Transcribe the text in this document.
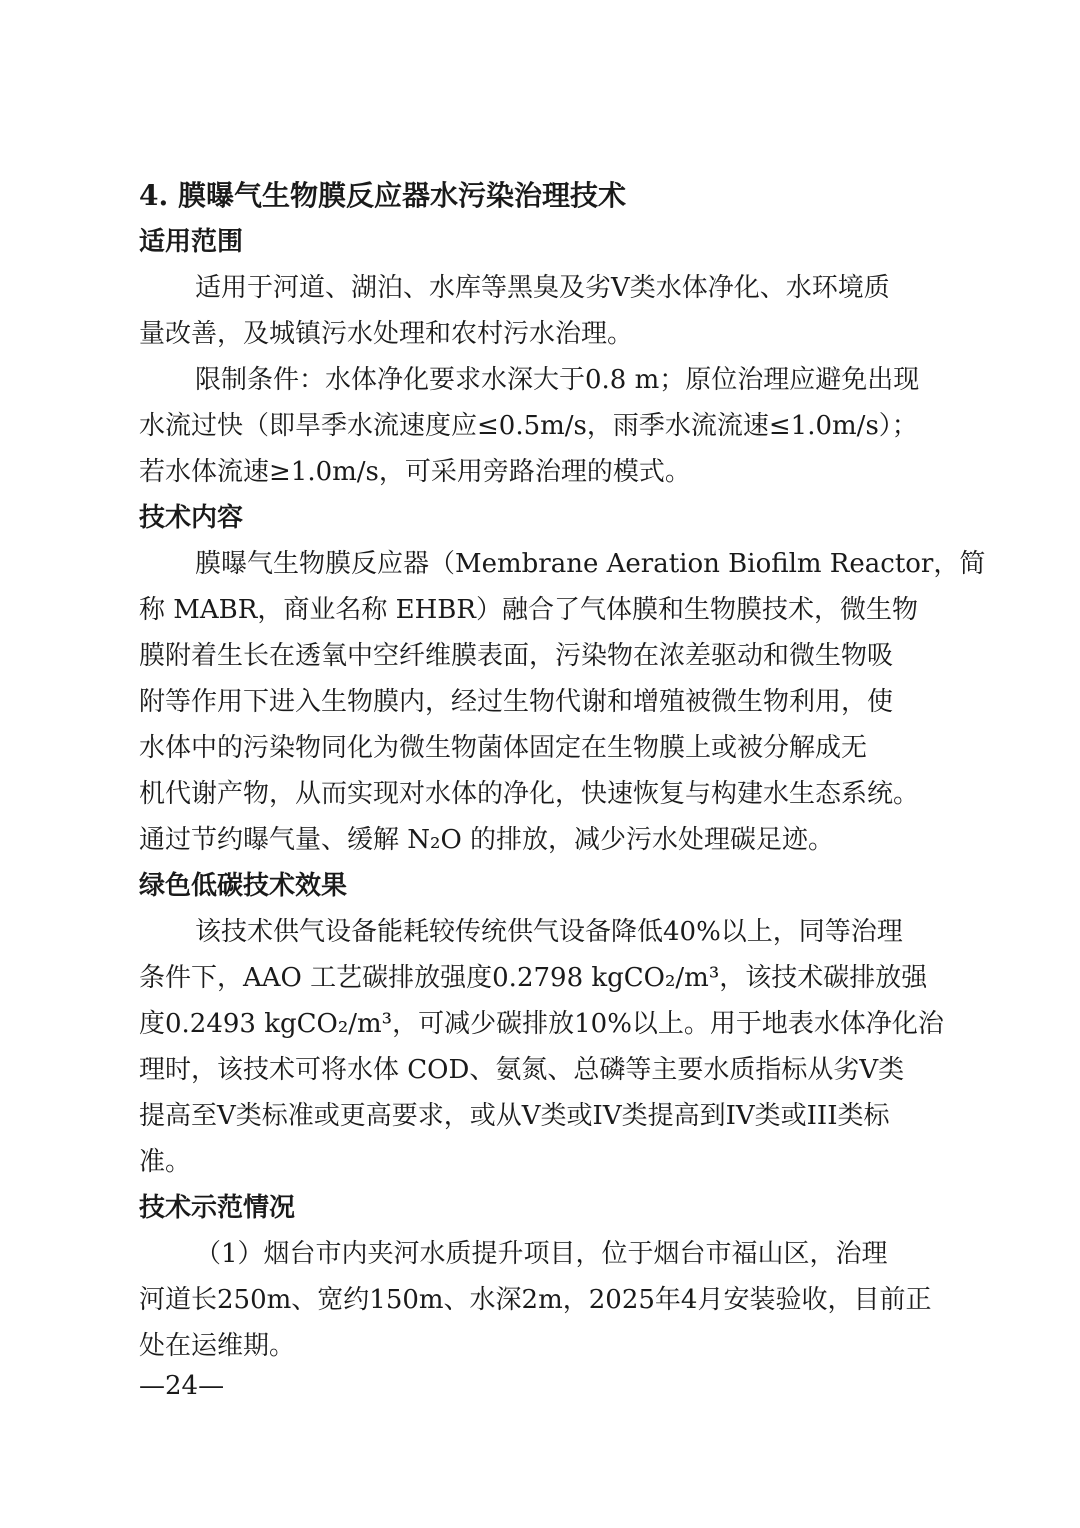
4. 膜曝气生物膜反应器水污染治理技术
适用范围
适用于河道、湖泊、水库等黑臭及劣V类水体净化、水环境质
量改善，及城镇污水处理和农村污水治理。
限制条件：水体净化要求水深大于0.8 m；原位治理应避免出现
水流过快（即旱季水流速度应≤0.5m/s，雨季水流流速≤1.0m/s）；
若水体流速≥1.0m/s，可采用旁路治理的模式。
技术内容
膜曝气生物膜反应器（Membrane Aeration Biofilm Reactor，简
称 MABR，商业名称 EHBR）融合了气体膜和生物膜技术，微生物
膜附着生长在透氧中空纤维膜表面，污染物在浓差驱动和微生物吸
附等作用下进入生物膜内，经过生物代谢和增殖被微生物利用，使
水体中的污染物同化为微生物菌体固定在生物膜上或被分解成无
机代谢产物，从而实现对水体的净化，快速恢复与构建水生态系统。
通过节约曝气量、缓解 N₂O 的排放，减少污水处理碳足迹。
绿色低碳技术效果
该技术供气设备能耗较传统供气设备降低40%以上，同等治理
条件下，AAO 工艺碳排放强度0.2798 kgCO₂/m³，该技术碳排放强
度0.2493 kgCO₂/m³，可减少碳排放10%以上。用于地表水体净化治
理时，该技术可将水体 COD、氨氮、总磷等主要水质指标从劣V类
提高至V类标准或更高要求，或从V类或IV类提高到IV类或III类标
准。
技术示范情况
（1）烟台市内夹河水质提升项目，位于烟台市福山区，治理
河道长250m、宽约150m、水深2m，2025年4月安装验收，目前正
处在运维期。
—24—
